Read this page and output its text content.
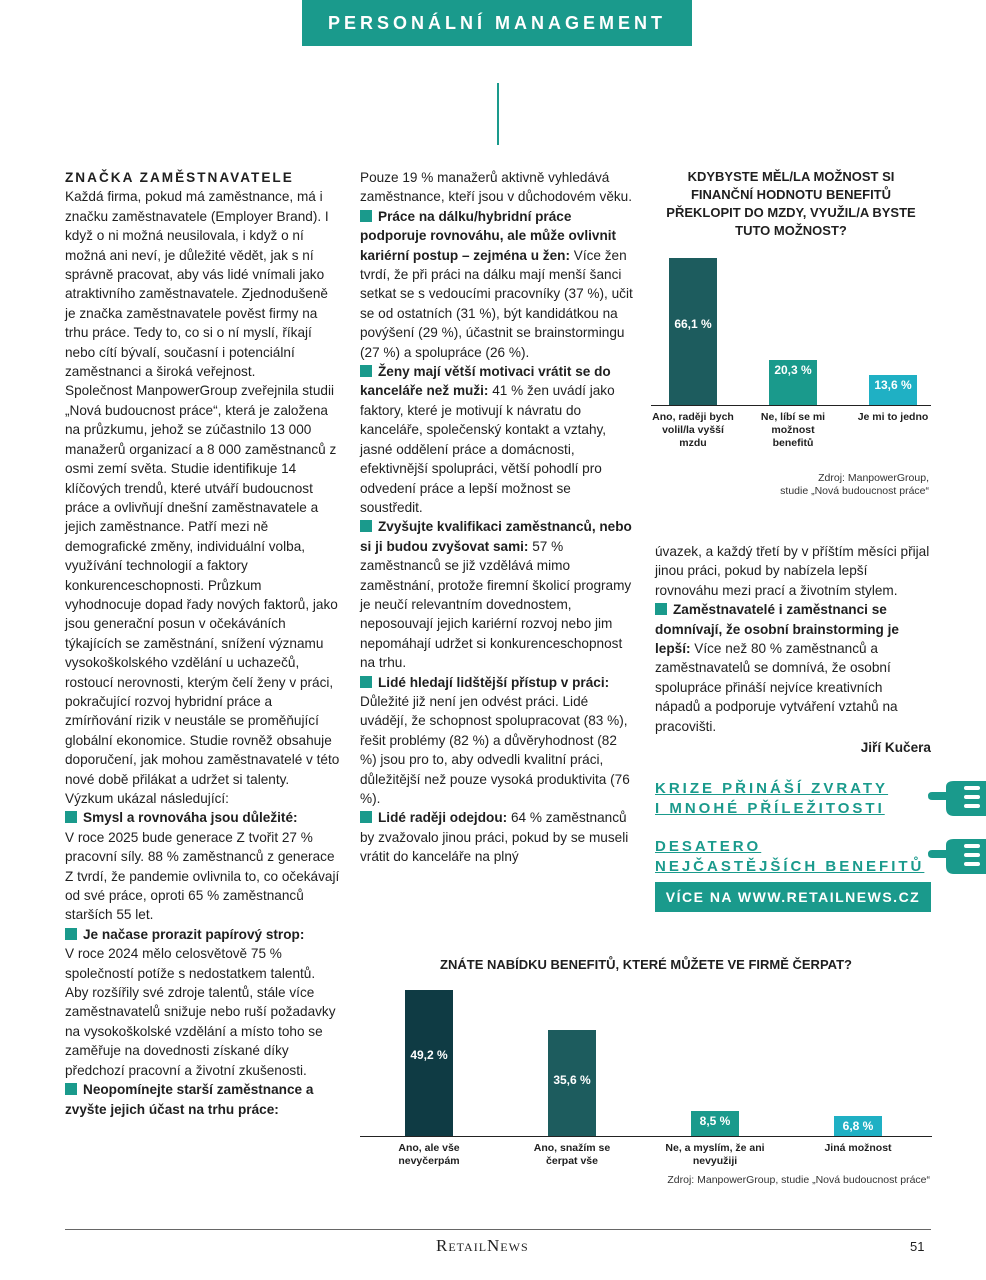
PERSONÁLNÍ MANAGEMENT

ZNAČKA ZAMĚSTNAVATELE

Každá firma, pokud má zaměstnance, má i značku zaměstnavatele (Employer Brand). I když o ni možná neusilovala, i když o ní možná ani neví, je důležité vědět, jak s ní správně pracovat, aby vás lidé vnímali jako atraktivního zaměstnavatele. Zjednodušeně je značka zaměstnavatele pověst firmy na trhu práce. Tedy to, co si o ní myslí, říkají nebo cítí bývalí, současní i potenciální zaměstnanci a široká veřejnost.

Společnost ManpowerGroup zveřejnila studii „Nová budoucnost práce“, která je založena na průzkumu, jehož se zúčastnilo 13 000 manažerů organizací a 8 000 zaměstnanců z osmi zemí světa. Studie identifikuje 14 klíčových trendů, které utváří budoucnost práce a ovlivňují dnešní zaměstnavatele a jejich zaměstnance. Patří mezi ně demografické změny, individuální volba, využívání technologií a faktory konkurenceschopnosti. Průzkum vyhodnocuje dopad řady nových faktorů, jako jsou generační posun v očekáváních týkajících se zaměstnání, snížení významu vysokoškolského vzdělání u uchazečů, rostoucí nerovnosti, kterým čelí ženy v práci, pokračující rozvoj hybridní práce a zmírňování rizik v neustále se proměňující globální ekonomice. Studie rovněž obsahuje doporučení, jak mohou zaměstnavatelé v této nové době přilákat a udržet si talenty.

Výzkum ukázal následující:

Smysl a rovnováha jsou důležité:

V roce 2025 bude generace Z tvořit 27 % pracovní síly. 88 % zaměstnanců z generace Z tvrdí, že pandemie ovlivnila to, co očekávají od své práce, oproti 65 % zaměstnanců starších 55 let.

Je načase prorazit papírový strop:

V roce 2024 mělo celosvětově 75 % společností potíže s nedostatkem talentů. Aby rozšířily své zdroje talentů, stále více zaměstnavatelů snižuje nebo ruší požadavky na vysokoškolské vzdělání a místo toho se zaměřuje na dovednosti získané díky předchozí pracovní a životní zkušenosti.

Neopomínejte starší zaměstnance a zvyšte jejich účast na trhu práce:

Pouze 19 % manažerů aktivně vyhledává zaměstnance, kteří jsou v důchodovém věku.

Práce na dálku/hybridní práce podporuje rovnováhu, ale může ovlivnit kariérní postup – zejména u žen: Více žen tvrdí, že při práci na dálku mají menší šanci setkat se s vedoucími pracovníky (37 %), učit se od ostatních (31 %), být kandidátkou na povýšení (29 %), účastnit se brainstormingu (27 %) a spolupráce (26 %).

Ženy mají větší motivaci vrátit se do kanceláře než muži: 41 % žen uvádí jako faktory, které je motivují k návratu do kanceláře, společenský kontakt a vztahy, jasné oddělení práce a domácnosti, efektivnější spolupráci, větší pohodlí pro odvedení práce a lepší možnost se soustředit.

Zvyšujte kvalifikaci zaměstnanců, nebo si ji budou zvyšovat sami: 57 % zaměstnanců se již vzdělává mimo zaměstnání, protože firemní školicí programy je neučí relevantním dovednostem, neposouvají jejich kariérní rozvoj nebo jim nepomáhají udržet si konkurenceschopnost na trhu.

Lidé hledají lidštější přístup v práci: Důležité již není jen odvést práci. Lidé uvádějí, že schopnost spolupracovat (83 %), řešit problémy (82 %) a důvěryhodnost (82 %) jsou pro to, aby odvedli kvalitní práci, důležitější než pouze vysoká produktivita (76 %).

Lidé raději odejdou: 64 % zaměstnanců by zvažovalo jinou práci, pokud by se museli vrátit do kanceláře na plný

KDYBYSTE MĚL/LA MOŽNOST SI FINANČNÍ HODNOTU BENEFITŮ PŘEKLOPIT DO MZDY, VYUŽIL/A BYSTE TUTO MOŽNOST?
66,1 %
Ano, raději bych volil/la vyšší mzdu
20,3 %
Ne, líbí se mi možnost benefitů
13,6 %
Je mi to jedno
Zdroj: ManpowerGroup,
studie „Nová budoucnost práce“

úvazek, a každý třetí by v příštím měsíci přijal jinou práci, pokud by nabízela lepší rovnováhu mezi prací a životním stylem.

Zaměstnavatelé i zaměstnanci se domnívají, že osobní brainstorming je lepší: Více než 80 % zaměstnanců a zaměstnavatelů se domnívá, že osobní spolupráce přináší nejvíce kreativních nápadů a podporuje vytváření vztahů na pracovišti.

Jiří Kučera

KRIZE PŘINÁŠÍ ZVRATY
I MNOHÉ PŘÍLEŽITOSTI
DESATERO
NEJČASTĚJŠÍCH BENEFITŮ
VÍCE NA WWW.RETAILNEWS.CZ
ZNÁTE NABÍDKU BENEFITŮ, KTERÉ MŮŽETE VE FIRMĚ ČERPAT?
49,2 %
Ano, ale vše nevyčerpám
35,6 %
Ano, snažím se čerpat vše
8,5 %
Ne, a myslím, že ani nevyužiji
6,8 %
Jiná možnost
Zdroj: ManpowerGroup, studie „Nová budoucnost práce“
RetailNews	51
